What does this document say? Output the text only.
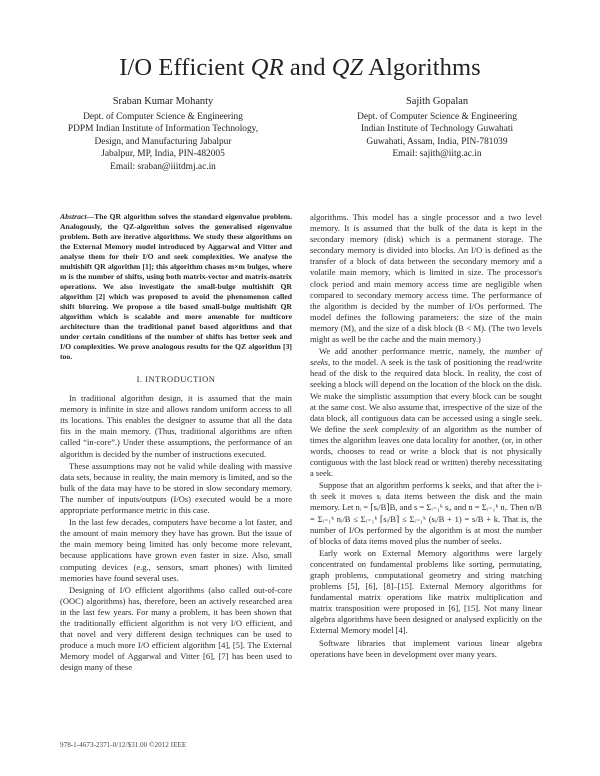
I/O Efficient QR and QZ Algorithms
Sraban Kumar Mohanty
Dept. of Computer Science & Engineering
PDPM Indian Institute of Information Technology,
Design, and Manufacturing Jabalpur
Jabalpur, MP, India, PIN-482005
Email: sraban@iiitdmj.ac.in
Sajith Gopalan
Dept. of Computer Science & Engineering
Indian Institute of Technology Guwahati
Guwahati, Assam, India, PIN-781039
Email: sajith@iitg.ac.in

Abstract—The QR algorithm solves the standard eigenvalue problem. Analogously, the QZ-algorithm solves the generalised eigenvalue problem. Both are iterative algorithms. We study these algorithms on the External Memory model introduced by Aggarwal and Vitter and analyse them for their I/O and seek complexities. We analyse the multishift QR algorithm [1]; this algorithm chases m×m bulges, where m is the number of shifts, using both matrix-vector and matrix-matrix operations. We also investigate the small-bulge multishift QR algorithm [2] which was proposed to avoid the phenomenon called shift blurring. We propose a tile based small-bulge multishift QR algorithm which is scalable and more amenable for multicore architecture than the traditional panel based algorithms and that under certain conditions of the number of shifts has better seek and I/O complexities. We prove analogous results for the QZ algorithm [3] too.

I. INTRODUCTION

In traditional algorithm design, it is assumed that the main memory is infinite in size and allows random uniform access to all its locations. This enables the designer to assume that all the data fits in the main memory. (Thus, traditional algorithms are often called “in-core”.) Under these assumptions, the performance of an algorithm is decided by the number of instructions executed.

These assumptions may not be valid while dealing with massive data sets, because in reality, the main memory is limited, and so the bulk of the data may have to be stored in slow secondary memory. The number of inputs/outputs (I/Os) executed would be a more appropriate performance metric in this case.

In the last few decades, computers have become a lot faster, and the amount of main memory they have has grown. But the issue of the main memory being limited has only become more relevant, because applications have grown even faster in size. Also, small computing devices (e.g., sensors, smart phones) with limited memories have found several uses.

Designing of I/O efficient algorithms (also called out-of-core (OOC) algorithms) has, therefore, been an actively researched area in the last few years. For many a problem, it has been shown that the traditionally efficient algorithm is not very I/O efficient, and that novel and very different design techniques can be used to produce a much more I/O efficient algorithm [4], [5]. The External Memory model of Aggarwal and Vitter [6], [7] has been used to design many of these

algorithms. This model has a single processor and a two level memory. It is assumed that the bulk of the data is kept in the secondary memory (disk) which is a permanent storage. The secondary memory is divided into blocks. An I/O is defined as the transfer of a block of data between the secondary memory and a volatile main memory, which is limited in size. The processor's clock period and main memory access time are negligible when compared to secondary memory access time. The performance of the algorithm is decided by the number of I/Os performed. The model defines the following parameters: the size of the main memory (M), and the size of a disk block (B < M). (The two levels might as well be the cache and the main memory.)

We add another performance metric, namely, the number of seeks, to the model. A seek is the task of positioning the read/write head of the disk to the required data block. In reality, the cost of seeking a block will depend on the location of the block on the disk. We make the simplistic assumption that every block can be sought at the same cost. We also assume that, irrespective of the size of the data block, all contiguous data can be accessed using a single seek. We define the seek complexity of an algorithm as the number of times the algorithm leaves one data locality for another, (or, in other words, chooses to read or write a block that is not physically contiguous with the last block read or written) thereby necessitating a seek.

Suppose that an algorithm performs k seeks, and that after the i-th seek it moves sᵢ data items between the disk and the main memory. Let nᵢ = ⌈sᵢ/B⌉B, and s = Σᵢ₌₁ᵏ sᵢ, and n = Σᵢ₌₁ᵏ nᵢ. Then n/B = Σᵢ₌₁ᵏ nᵢ/B ≤ Σᵢ₌₁ᵏ ⌈sᵢ/B⌉ ≤ Σᵢ₌₁ᵏ (sᵢ/B + 1) = s/B + k. That is, the number of I/Os performed by the algorithm is at most the number of blocks of data items moved plus the number of seeks.

Early work on External Memory algorithms were largely concentrated on fundamental problems like sorting, permutating, graph problems, computational geometry and string matching problems [5], [6], [8]–[15]. External Memory algorithms for fundamental matrix operations like matrix multiplication and matrix transposition were proposed in [6], [15]. Not many linear algebra algorithms have been designed or analysed explicitly on the External Memory model [4].

Software libraries that implement various linear algebra operations have been in development over many years.

978-1-4673-2371-0/12/$31.00 ©2012 IEEE
